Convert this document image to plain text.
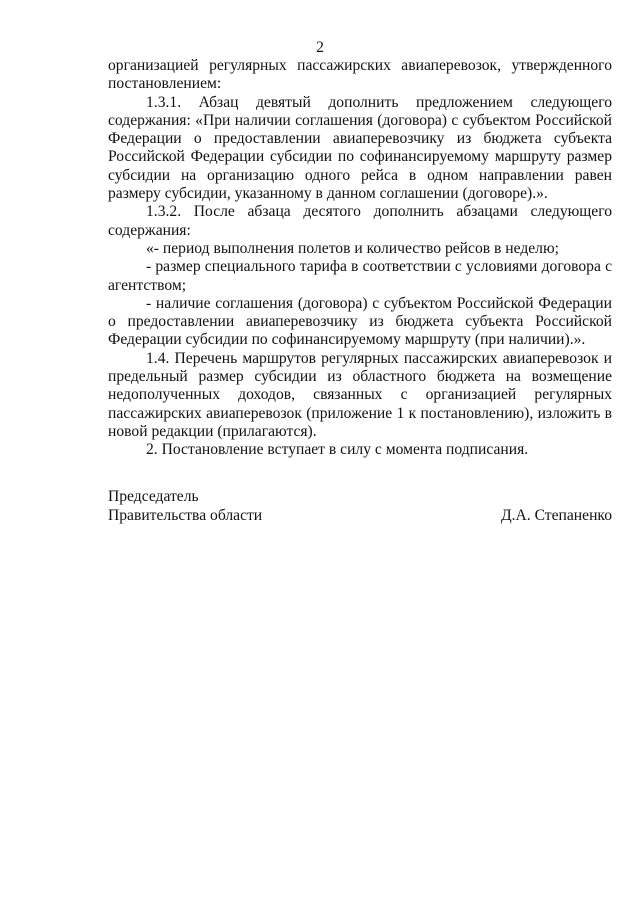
2

организацией регулярных пассажирских авиаперевозок, утвержденного постановлением:

1.3.1. Абзац девятый дополнить предложением следующего содержания: «При наличии соглашения (договора) с субъектом Российской Федерации о предоставлении авиаперевозчику из бюджета субъекта Российской Федерации субсидии по софинансируемому маршруту размер субсидии на организацию одного рейса в одном направлении равен размеру субсидии, указанному в данном соглашении (договоре).».

1.3.2. После абзаца десятого дополнить абзацами следующего содержания:

«- период выполнения полетов и количество рейсов в неделю;

- размер специального тарифа в соответствии с условиями договора с агентством;

- наличие соглашения (договора) с субъектом Российской Федерации о предоставлении авиаперевозчику из бюджета субъекта Российской Федерации субсидии по софинансируемому маршруту (при наличии).».

1.4. Перечень маршрутов регулярных пассажирских авиаперевозок и предельный размер субсидии из областного бюджета на возмещение недополученных доходов, связанных с организацией регулярных пассажирских авиаперевозок (приложение 1 к постановлению), изложить в новой редакции (прилагаются).

2. Постановление вступает в силу с момента подписания.

Председатель
Правительства области	Д.А. Степаненко
